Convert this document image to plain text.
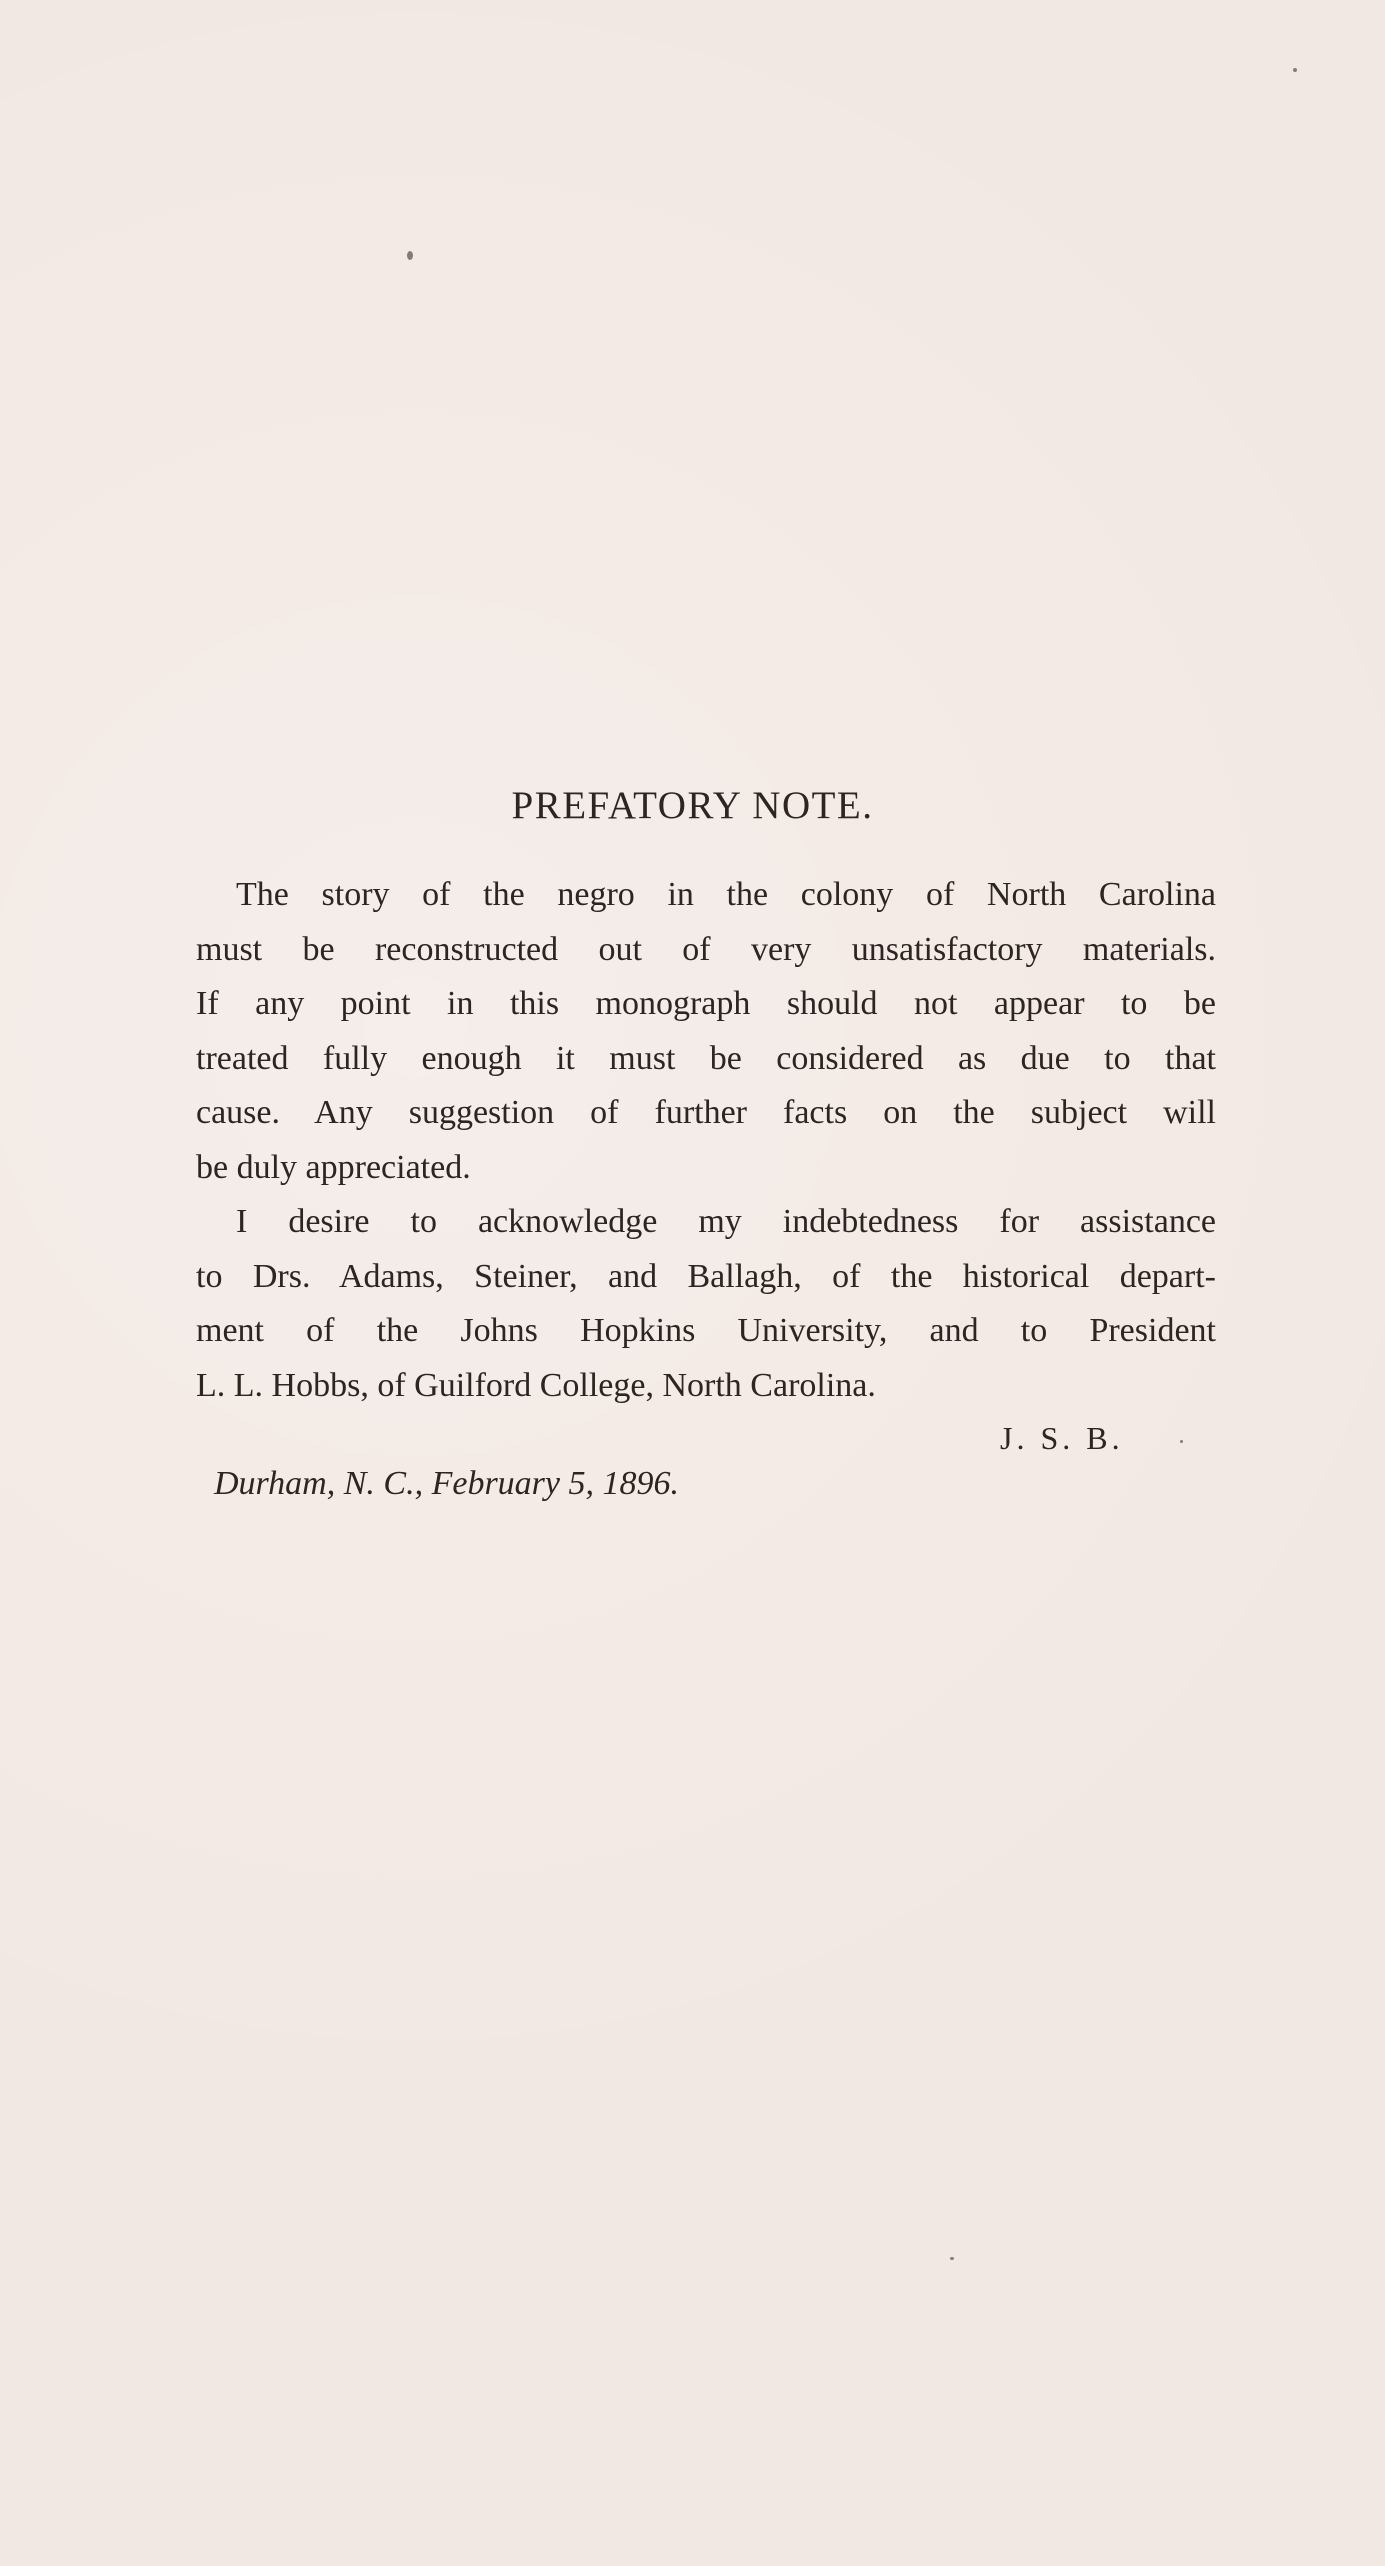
PREFATORY NOTE.
The story of the negro in the colony of North Carolina
must be reconstructed out of very unsatisfactory materials.
If any point in this monograph should not appear to be
treated fully enough it must be considered as due to that
cause. Any suggestion of further facts on the subject will
be duly appreciated.
I desire to acknowledge my indebtedness for assistance
to Drs. Adams, Steiner, and Ballagh, of the historical depart-
ment of the Johns Hopkins University, and to President
L. L. Hobbs, of Guilford College, North Carolina.
J. S. B.
Durham, N. C., February 5, 1896.
